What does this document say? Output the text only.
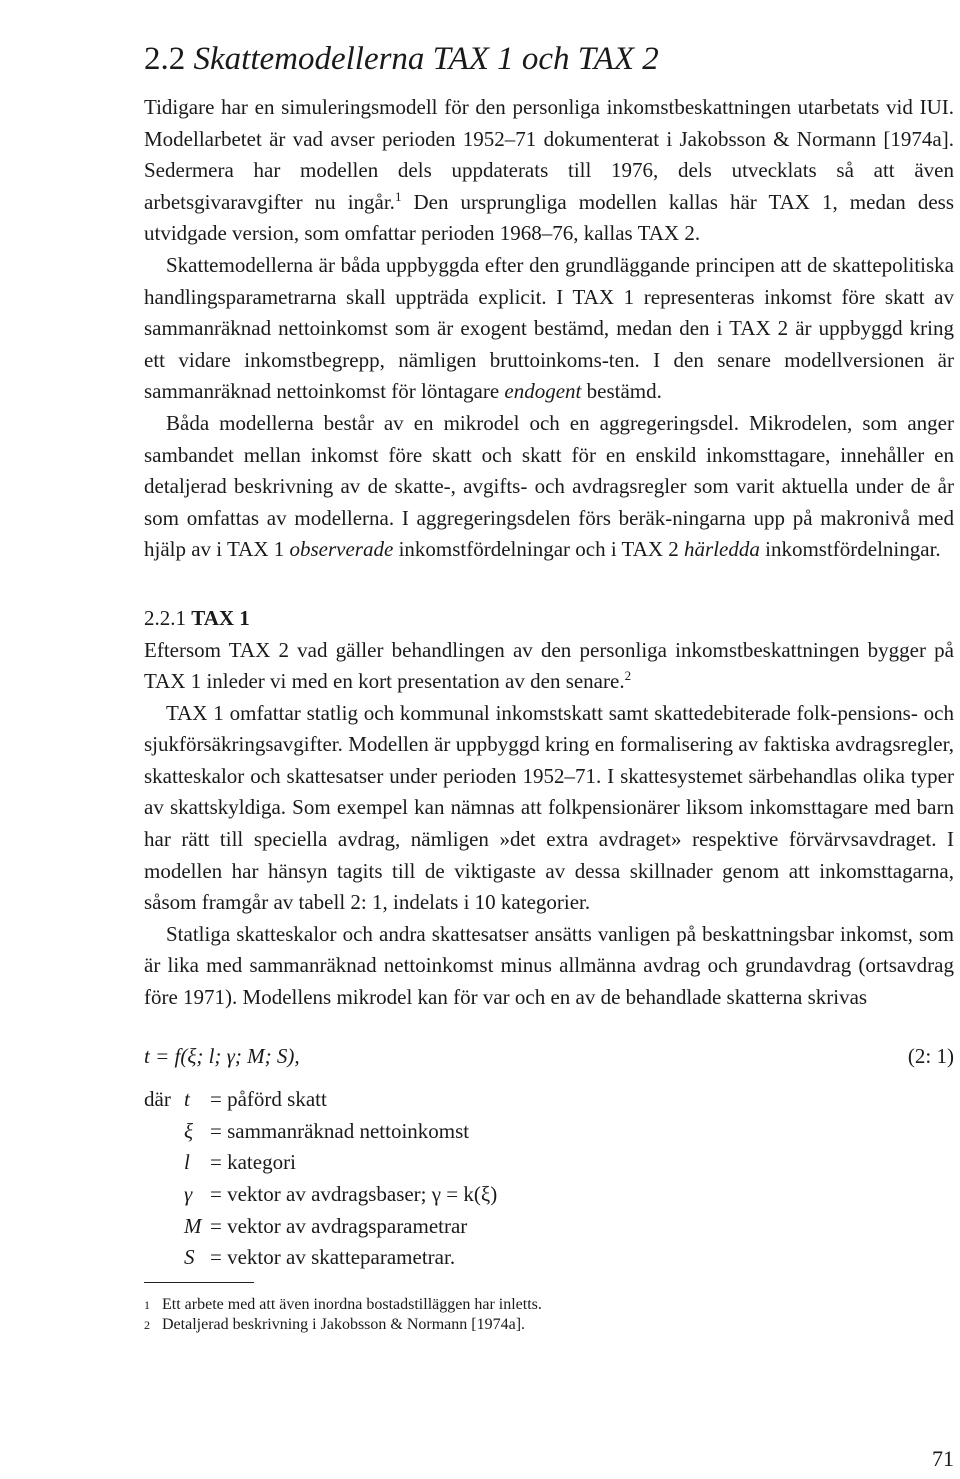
2.2 Skattemodellerna TAX 1 och TAX 2

Tidigare har en simuleringsmodell för den personliga inkomstbeskattningen utarbetats vid IUI. Modellarbetet är vad avser perioden 1952–71 dokumenterat i Jakobsson & Normann [1974a]. Sedermera har modellen dels uppdaterats till 1976, dels utvecklats så att även arbetsgivaravgifter nu ingår.$^1$ Den ursprungliga modellen kallas här TAX 1, medan dess utvidgade version, som omfattar perioden 1968–76, kallas TAX 2.

Skattemodellerna är båda uppbyggda efter den grundläggande principen att de skattepolitiska handlingsparametrarna skall uppträda explicit. I TAX 1 representeras inkomst före skatt av sammanräknad nettoinkomst som är exogent bestämd, medan den i TAX 2 är uppbyggd kring ett vidare inkomstbegrepp, nämligen bruttoinkoms-ten. I den senare modellversionen är sammanräknad nettoinkomst för löntagare endogent bestämd.

Båda modellerna består av en mikrodel och en aggregeringsdel. Mikrodelen, som anger sambandet mellan inkomst före skatt och skatt för en enskild inkomsttagare, innehåller en detaljerad beskrivning av de skatte-, avgifts- och avdragsregler som varit aktuella under de år som omfattas av modellerna. I aggregeringsdelen förs beräk-ningarna upp på makronivå med hjälp av i TAX 1 observerade inkomstfördelningar och i TAX 2 härledda inkomstfördelningar.

2.2.1 TAX 1

Eftersom TAX 2 vad gäller behandlingen av den personliga inkomstbeskattningen bygger på TAX 1 inleder vi med en kort presentation av den senare.$^2$

TAX 1 omfattar statlig och kommunal inkomstskatt samt skattedebiterade folk-pensions- och sjukförsäkringsavgifter. Modellen är uppbyggd kring en formalisering av faktiska avdragsregler, skatteskalor och skattesatser under perioden 1952–71. I skattesystemet särbehandlas olika typer av skattskyldiga. Som exempel kan nämnas att folkpensionärer liksom inkomsttagare med barn har rätt till speciella avdrag, nämligen »det extra avdraget» respektive förvärvsavdraget. I modellen har hänsyn tagits till de viktigaste av dessa skillnader genom att inkomsttagarna, såsom framgår av tabell 2: 1, indelats i 10 kategorier.

Statliga skatteskalor och andra skattesatser ansätts vanligen på beskattningsbar inkomst, som är lika med sammanräknad nettoinkomst minus allmänna avdrag och grundavdrag (ortsavdrag före 1971). Modellens mikrodel kan för var och en av de behandlade skatterna skrivas

t = f(ξ; l; γ; M; S),	(2: 1)
där t = påförd skatt
ξ = sammanräknad nettoinkomst
l = kategori
γ = vektor av avdragsbaser; γ = k(ξ)
M = vektor av avdragsparametrar
S = vektor av skatteparametrar.
1 Ett arbete med att även inordna bostadstilläggen har inletts.
2 Detaljerad beskrivning i Jakobsson & Normann [1974a].
71
